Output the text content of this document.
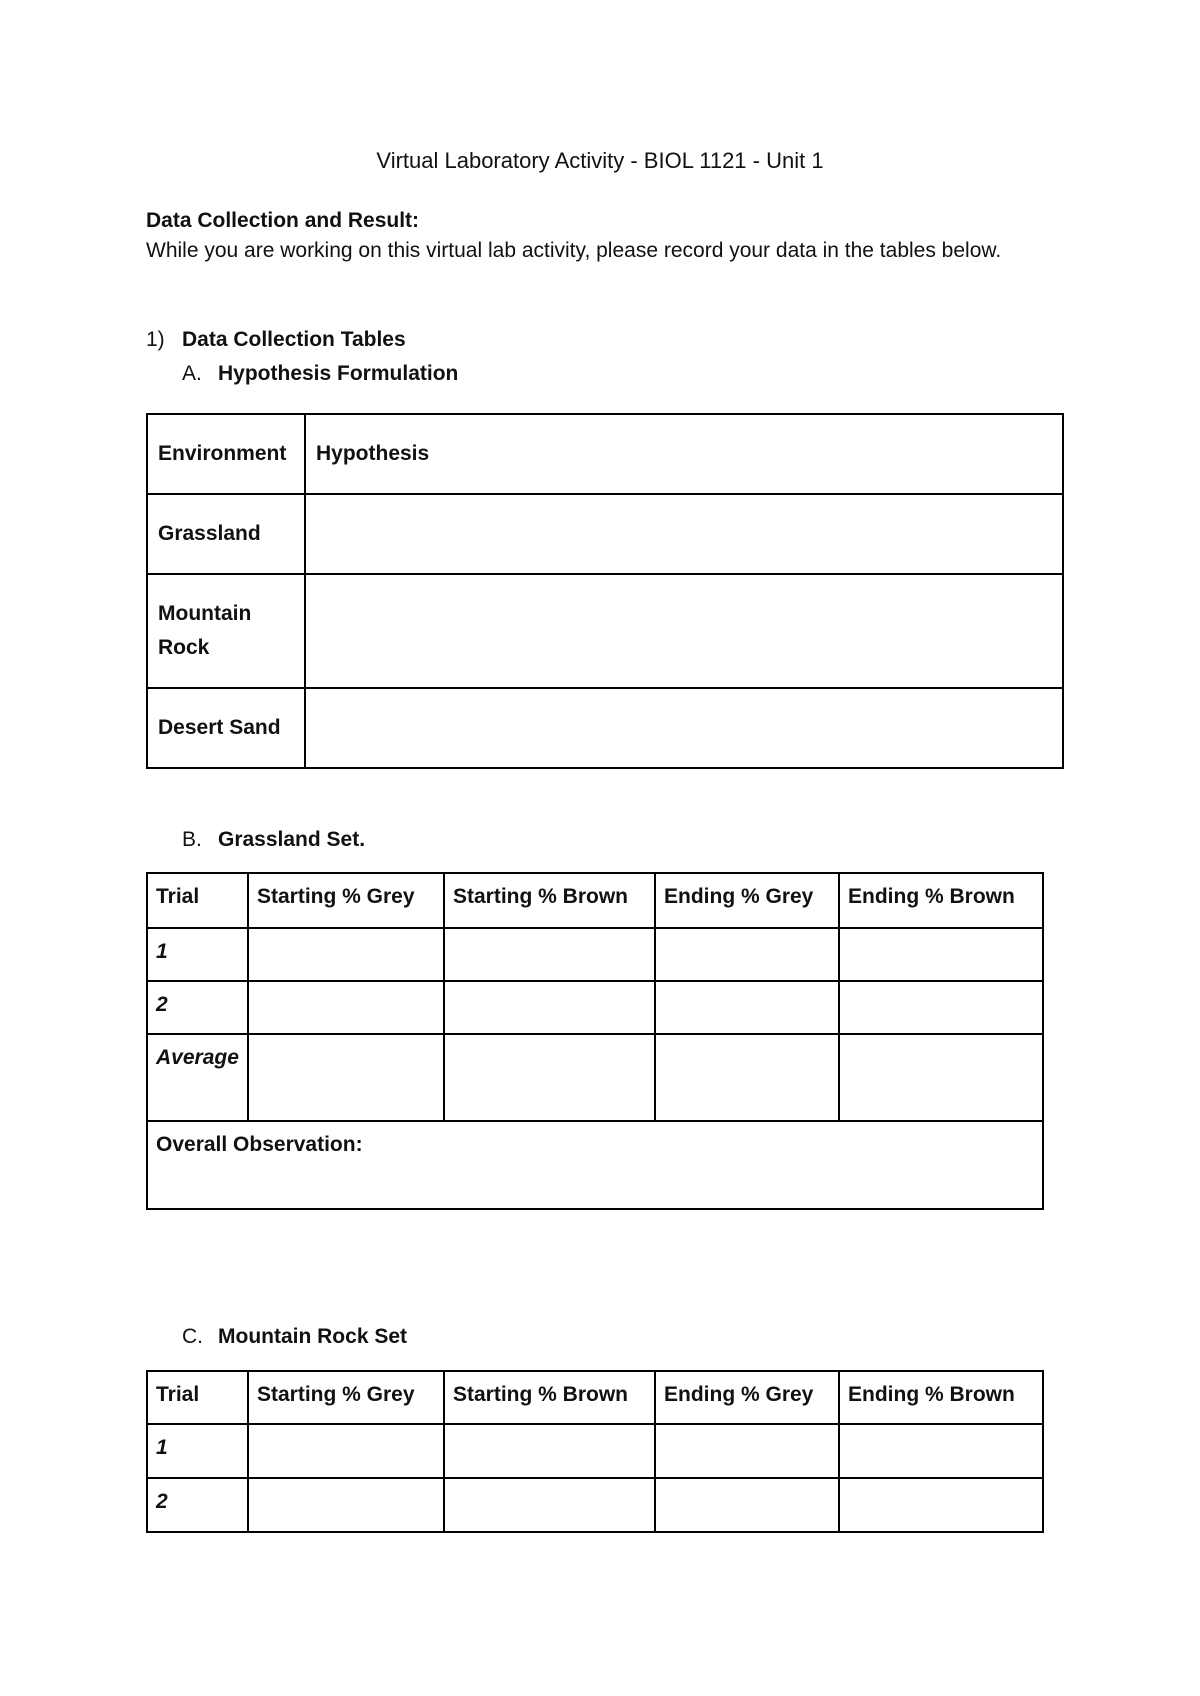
Virtual Laboratory Activity - BIOL 1121 - Unit 1
Data Collection and Result:
While you are working on this virtual lab activity, please record your data in the tables below.
1) Data Collection Tables
A. Hypothesis Formulation
Environment	Hypothesis
Grassland	
Mountain Rock	
Desert Sand	
B. Grassland Set.
Trial	Starting % Grey	Starting % Brown	Ending % Grey	Ending % Brown
1				
2				
Average				
Overall Observation:				
C. Mountain Rock Set
Trial	Starting % Grey	Starting % Brown	Ending % Grey	Ending % Brown
1				
2				
